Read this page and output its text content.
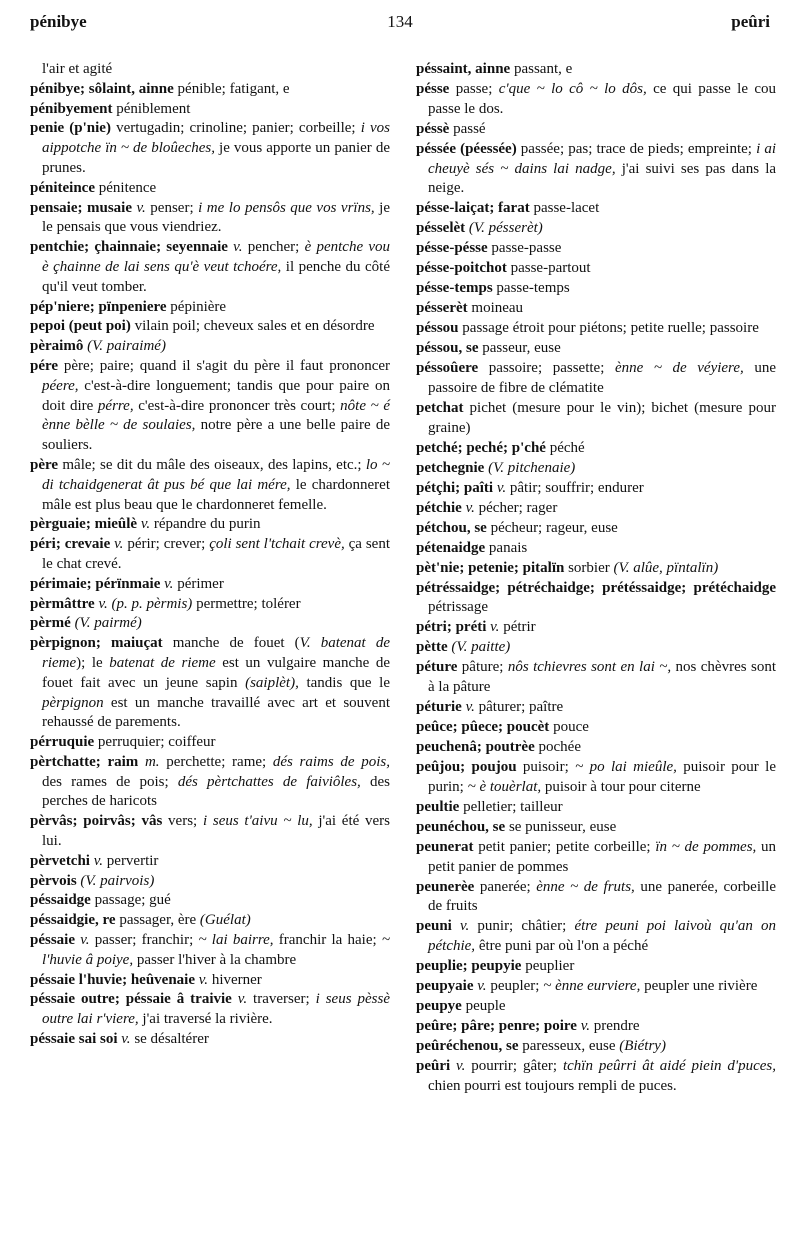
pénibye	134	peûri

l'air et agité

pénibye; sôlaint, ainne pénible; fatigant, e

pénibyement péniblement

penie (p'nie) vertugadin; crinoline; panier; corbeille; i vos aippotche ïn ~ de bloûeches, je vous apporte un panier de prunes.

péniteince pénitence

pensaie; musaie v. penser; i me lo pensôs que vos vrïns, je le pensais que vous viendriez.

pentchie; çhainnaie; seyennaie v. pencher; è pentche vou è çhainne de lai sens qu'è veut tchoére, il penche du côté qu'il veut tomber.

pép'niere; pïnpeniere pépinière

pepoi (peut poi) vilain poil; cheveux sales et en désordre

pèraimô (V. pairaimé)

pére père; paire; quand il s'agit du père il faut prononcer péere, c'est-à-dire longuement; tandis que pour paire on doit dire pérre, c'est-à-dire prononcer très court; nôte ~ é ènne bèlle ~ de soulaies, notre père a une belle paire de souliers.

père mâle; se dit du mâle des oiseaux, des lapins, etc.; lo ~ di tchaidgenerat ât pus bé que lai mére, le chardonneret mâle est plus beau que le chardonneret femelle.

pèrguaie; mieûlè v. répandre du purin

péri; crevaie v. périr; crever; çoli sent l'tchait crevè, ça sent le chat crevé.

périmaie; pérïnmaie v. périmer

pèrmâttre v. (p. p. pèrmis) permettre; tolérer

pèrmé (V. pairmé)

pèrpignon; maiuçat manche de fouet (V. batenat de rieme); le batenat de rieme est un vulgaire manche de fouet fait avec un jeune sapin (saiplèt), tandis que le pèrpignon est un manche travaillé avec art et souvent rehaussé de parements.

pérruquie perruquier; coiffeur

pèrtchatte; raim m. perchette; rame; dés raims de pois, des rames de pois; dés pèrtchattes de faiviôles, des perches de haricots

pèrvâs; poirvâs; vâs vers; i seus t'aivu ~ lu, j'ai été vers lui.

pèrvetchi v. pervertir

pèrvois (V. pairvois)

péssaidge passage; gué

péssaidgie, re passager, ère (Guélat)

péssaie v. passer; franchir; ~ lai bairre, franchir la haie; ~ l'huvie â poiye, passer l'hiver à la chambre

péssaie l'huvie; heûvenaie v. hiverner

péssaie outre; péssaie â traivie v. traverser; i seus pèssè outre lai r'viere, j'ai traversé la rivière.

péssaie sai soi v. se désaltérer

péssaint, ainne passant, e

pésse passe; c'que ~ lo cô ~ lo dôs, ce qui passe le cou passe le dos.

péssè passé

péssée (péessée) passée; pas; trace de pieds; empreinte; i ai cheuyè sés ~ dains lai nadge, j'ai suivi ses pas dans la neige.

pésse-laiçat; farat passe-lacet

pésselèt (V. pésserèt)

pésse-pésse passe-passe

pésse-poitchot passe-partout

pésse-temps passe-temps

pésserèt moineau

péssou passage étroit pour piétons; petite ruelle; passoire

péssou, se passeur, euse

péssoûere passoire; passette; ènne ~ de véyiere, une passoire de fibre de clématite

petchat pichet (mesure pour le vin); bichet (mesure pour graine)

petché; peché; p'ché péché

petchegnie (V. pitchenaie)

pétçhi; paîti v. pâtir; souffrir; endurer

pétchie v. pécher; rager

pétchou, se pécheur; rageur, euse

pétenaidge panais

pèt'nie; petenie; pitalïn sorbier (V. alûe, pïntalïn)

pétréssaidge; pétréchaidge; prétéssaidge; prétéchaidge pétrissage

pétri; préti v. pétrir

pètte (V. paitte)

péture pâture; nôs tchievres sont en lai ~, nos chèvres sont à la pâture

péturie v. pâturer; paître

peûce; pûece; poucèt pouce

peuchenâ; poutrèe pochée

peûjou; poujou puisoir; ~ po lai mieûle, puisoir pour le purin; ~ è touèrlat, puisoir à tour pour citerne

peultie pelletier; tailleur

peunéchou, se se punisseur, euse

peunerat petit panier; petite corbeille; ïn ~ de pommes, un petit panier de pommes

peunerèe panerée; ènne ~ de fruts, une panerée, corbeille de fruits

peuni v. punir; châtier; étre peuni poi laivoù qu'an on pétchie, être puni par où l'on a péché

peuplie; peupyie peuplier

peupyaie v. peupler; ~ ènne eurviere, peupler une rivière

peupye peuple

peûre; pâre; penre; poire v. prendre

peûréchenou, se paresseux, euse (Biétry)

peûri v. pourrir; gâter; tchïn peûrri ât aidé piein d'puces, chien pourri est toujours rempli de puces.
